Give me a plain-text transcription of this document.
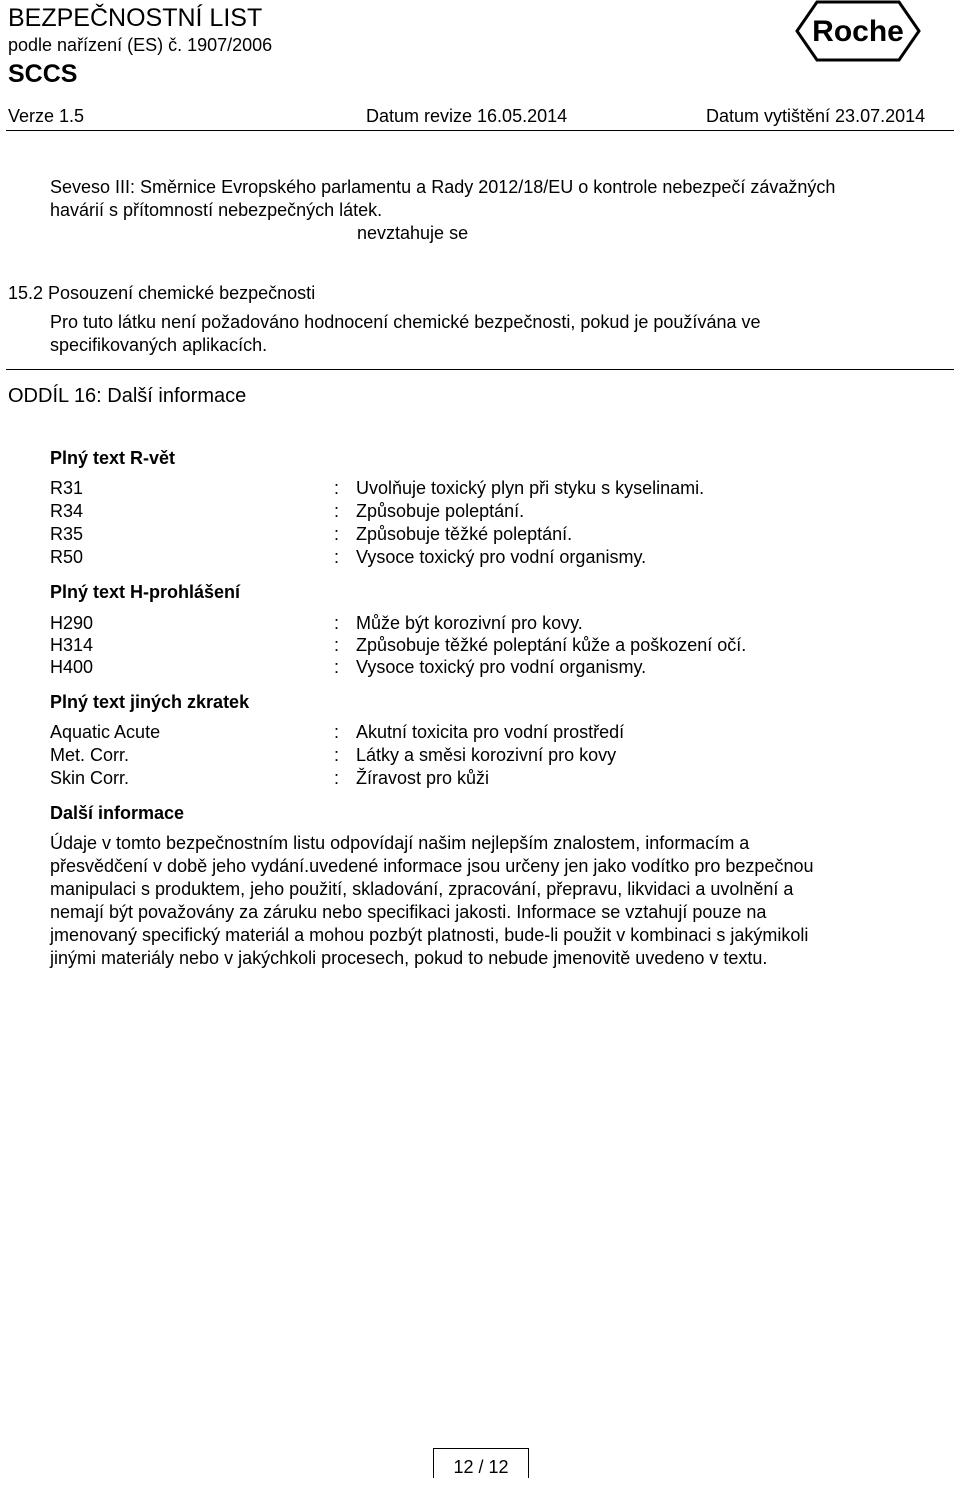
BEZPEČNOSTNÍ LIST
podle nařízení (ES) č. 1907/2006
SCCS
Roche
Verze 1.5	Datum revize 16.05.2014	Datum vytištění 23.07.2014
Seveso III: Směrnice Evropského parlamentu a Rady 2012/18/EU o kontrole nebezpečí závažných
havárií s přítomností nebezpečných látek.
nevztahuje se
15.2 Posouzení chemické bezpečnosti
Pro tuto látku není požadováno hodnocení chemické bezpečnosti, pokud je používána ve
specifikovaných aplikacích.
ODDÍL 16: Další informace
Plný text R-vět
R31	: Uvolňuje toxický plyn při styku s kyselinami.
R34	: Způsobuje poleptání.
R35	: Způsobuje těžké poleptání.
R50	: Vysoce toxický pro vodní organismy.
Plný text H-prohlášení
H290	: Může být korozivní pro kovy.
H314	: Způsobuje těžké poleptání kůže a poškození očí.
H400	: Vysoce toxický pro vodní organismy.
Plný text jiných zkratek
Aquatic Acute	: Akutní toxicita pro vodní prostředí
Met. Corr.	: Látky a směsi korozivní pro kovy
Skin Corr.	: Žíravost pro kůži
Další informace
Údaje v tomto bezpečnostním listu odpovídají našim nejlepším znalostem, informacím a
přesvědčení v době jeho vydání.uvedené informace jsou určeny jen jako vodítko pro bezpečnou
manipulaci s produktem, jeho použití, skladování, zpracování, přepravu, likvidaci a uvolnění a
nemají být považovány za záruku nebo specifikaci jakosti. Informace se vztahují pouze na
jmenovaný specifický materiál a mohou pozbýt platnosti, bude-li použit v kombinaci s jakýmikoli
jinými materiály nebo v jakýchkoli procesech, pokud to nebude jmenovitě uvedeno v textu.
12 / 12
